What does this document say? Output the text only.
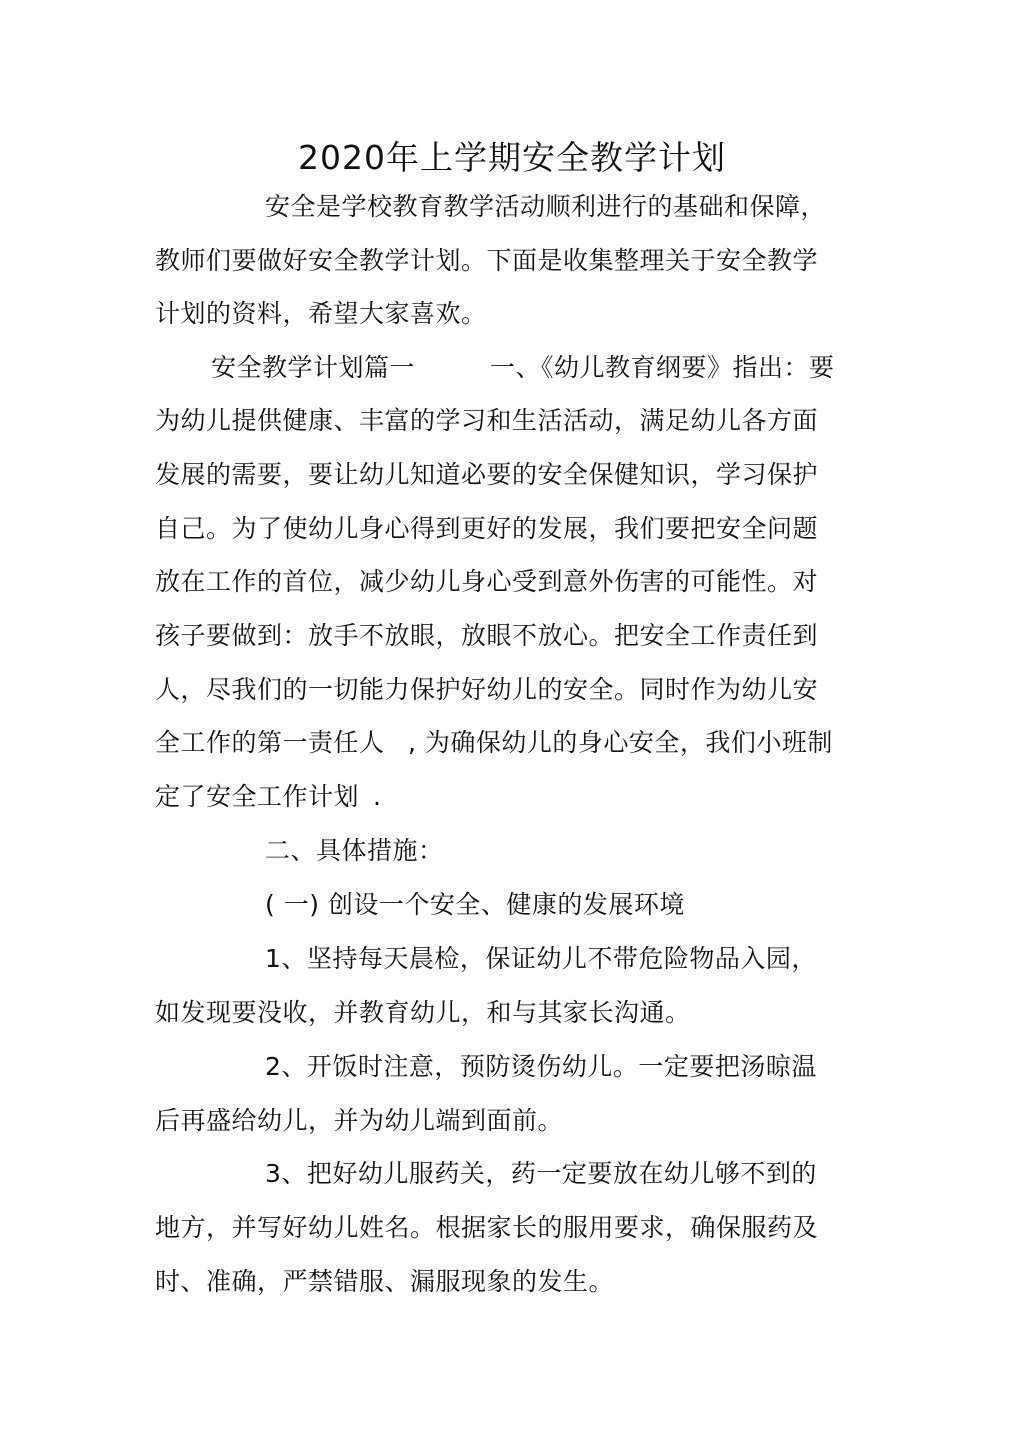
2020年上学期安全教学计划
安全是学校教育教学活动顺利进行的基础和保障，
教师们要做好安全教学计划。下面是收集整理关于安全教学
计划的资料，希望大家喜欢。
安全教学计划篇一	一、《幼儿教育纲要》指出：要
为幼儿提供健康、丰富的学习和生活活动，满足幼儿各方面
发展的需要，要让幼儿知道必要的安全保健知识，学习保护
自己。为了使幼儿身心得到更好的发展，我们要把安全问题
放在工作的首位，减少幼儿身心受到意外伤害的可能性。对
孩子要做到：放手不放眼，放眼不放心。把安全工作责任到
人，尽我们的一切能力保护好幼儿的安全。同时作为幼儿安
全工作的第一责任人 , 为确保幼儿的身心安全，我们小班制
定了安全工作计划 .
二、具体措施：
( 一) 创设一个安全、健康的发展环境
1、坚持每天晨检，保证幼儿不带危险物品入园，
如发现要没收，并教育幼儿，和与其家长沟通。
2、开饭时注意，预防烫伤幼儿。一定要把汤晾温
后再盛给幼儿，并为幼儿端到面前。
3、把好幼儿服药关，药一定要放在幼儿够不到的
地方，并写好幼儿姓名。根据家长的服用要求，确保服药及
时、准确，严禁错服、漏服现象的发生。
